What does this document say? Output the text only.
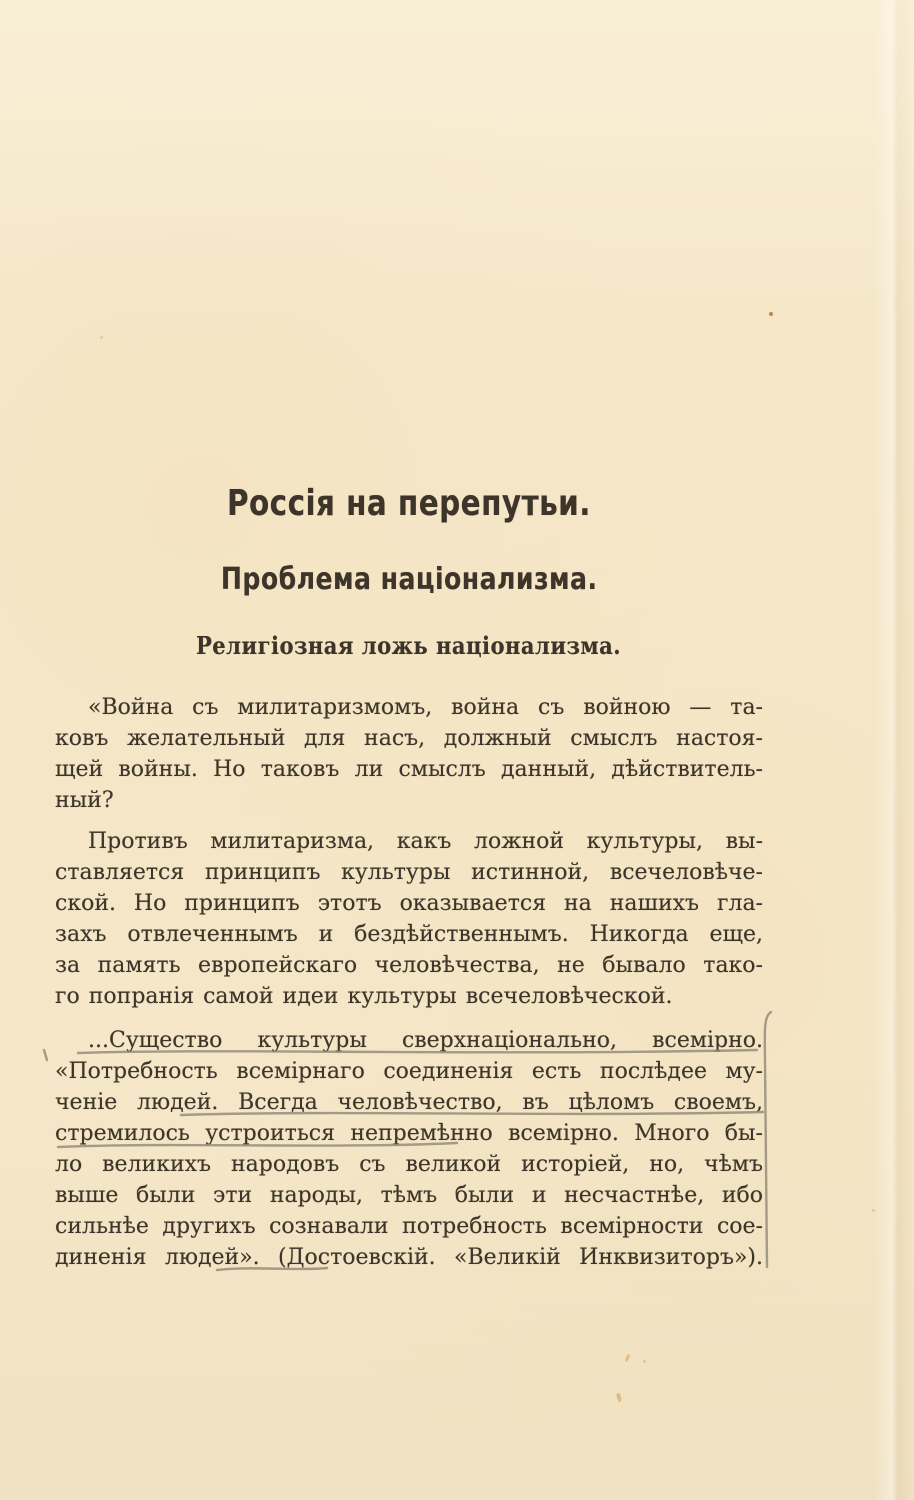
Россія на перепутьи.
Проблема націонализма.
Религіозная ложь націонализма.
«Война съ милитаризмомъ, война съ войною — та-
ковъ желательный для насъ, должный смыслъ настоя-
щей войны. Но таковъ ли смыслъ данный, дѣйствитель-
ный?
Противъ милитаризма, какъ ложной культуры, вы-
ставляется принципъ культуры истинной, всечеловѣче-
ской. Но принципъ этотъ оказывается на нашихъ гла-
захъ отвлеченнымъ и бездѣйственнымъ. Никогда еще,
за память европейскаго человѣчества, не бывало тако-
го попранія самой идеи культуры всечеловѣческой.
...Существо культуры сверхнаціонально, всемірно.
«Потребность всемірнаго соединенія есть послѣдее му-
ченіе людей. Всегда человѣчество, въ цѣломъ своемъ,
стремилось устроиться непремѣнно всемірно. Много бы-
ло великихъ народовъ съ великой исторіей, но, чѣмъ
выше были эти народы, тѣмъ были и несчастнѣе, ибо
сильнѣе другихъ сознавали потребность всемірности сое-
диненія людей». (Достоевскій. «Великій Инквизиторъ»).
